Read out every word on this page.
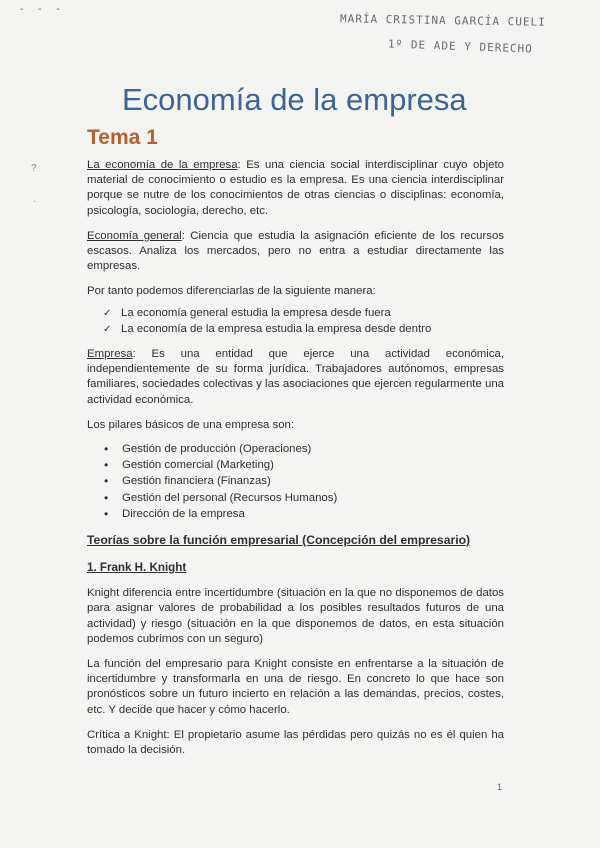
- - -
MARÍA CRISTINA GARCÍA CUELI
1º DE ADE Y DERECHO
?
·
Economía de la empresa
Tema 1

La economía de la empresa: Es una ciencia social interdisciplinar cuyo objeto material de conocimiento o estudio es la empresa. Es una ciencia interdisciplinar porque se nutre de los conocimientos de otras ciencias o disciplinas: economía, psicología, sociología, derecho, etc.

Economía general: Ciencia que estudia la asignación eficiente de los recursos escasos. Analiza los mercados, pero no entra a estudiar directamente las empresas.

Por tanto podemos diferenciarlas de la siguiente manera:

✓ La economía general estudia la empresa desde fuera
✓ La economía de la empresa estudia la empresa desde dentro

Empresa: Es una entidad que ejerce una actividad económica, independientemente de su forma jurídica. Trabajadores autónomos, empresas familiares, sociedades colectivas y las asociaciones que ejercen regularmente una actividad económica.

Los pilares básicos de una empresa son:

• Gestión de producción (Operaciones)
• Gestión comercial (Marketing)
• Gestión financiera (Finanzas)
• Gestión del personal (Recursos Humanos)
• Dirección de la empresa
Teorías sobre la función empresarial (Concepción del empresario)
1. Frank H. Knight

Knight diferencia entre incertidumbre (situación en la que no disponemos de datos para asignar valores de probabilidad a los posibles resultados futuros de una actividad) y riesgo (situación en la que disponemos de datos, en esta situación podemos cubrirnos con un seguro)

La función del empresario para Knight consiste en enfrentarse a la situación de incertidumbre y transformarla en una de riesgo. En concreto lo que hace son pronósticos sobre un futuro incierto en relación a las demandas, precios, costes, etc. Y decide que hacer y cómo hacerlo.

Crítica a Knight: El propietario asume las pérdidas pero quizás no es él quien ha tomado la decisión.

1
